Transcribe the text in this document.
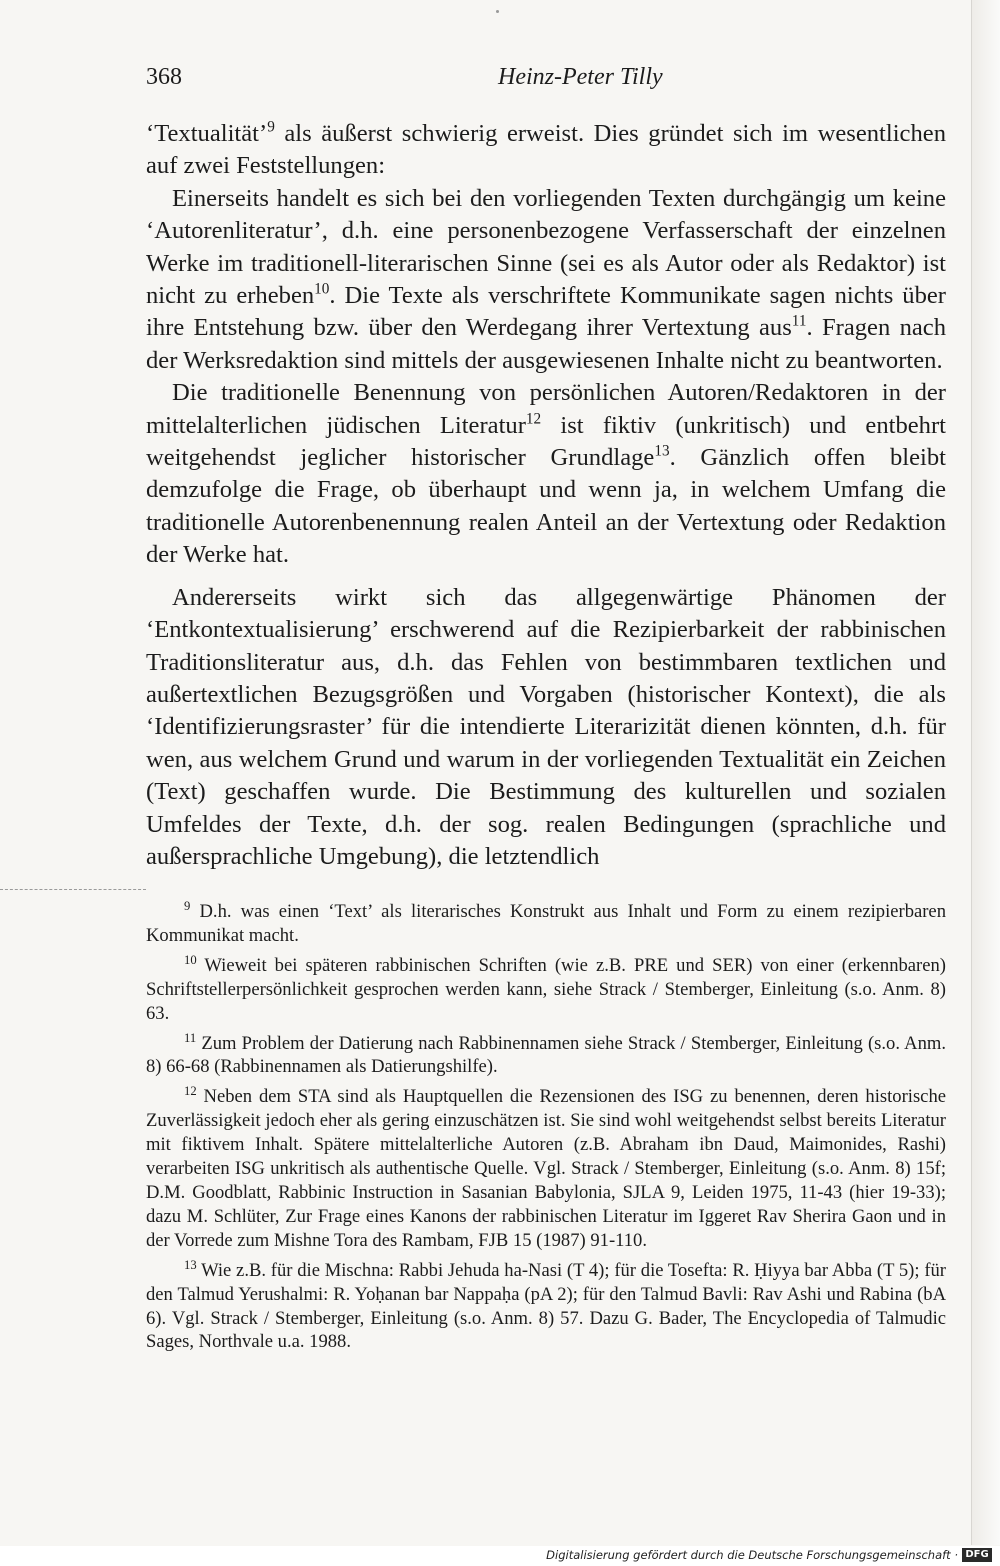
368	Heinz-Peter Tilly

‘Textualität’$^9$ als äußerst schwierig erweist. Dies gründet sich im wesentlichen auf zwei Feststellungen:

Einerseits handelt es sich bei den vorliegenden Texten durchgängig um keine ‘Autorenliteratur’, d.h. eine personenbezogene Verfasserschaft der einzelnen Werke im traditionell-literarischen Sinne (sei es als Autor oder als Redaktor) ist nicht zu erheben$^{10}$. Die Texte als verschriftete Kommunikate sagen nichts über ihre Entstehung bzw. über den Werdegang ihrer Vertextung aus$^{11}$. Fragen nach der Werksredaktion sind mittels der ausgewiesenen Inhalte nicht zu beantworten.

Die traditionelle Benennung von persönlichen Autoren/Redaktoren in der mittelalterlichen jüdischen Literatur$^{12}$ ist fiktiv (unkritisch) und entbehrt weitgehendst jeglicher historischer Grundlage$^{13}$. Gänzlich offen bleibt demzufolge die Frage, ob überhaupt und wenn ja, in welchem Umfang die traditionelle Autorenbenennung realen Anteil an der Vertextung oder Redaktion der Werke hat.

Andererseits wirkt sich das allgegenwärtige Phänomen der ‘Entkontextualisierung’ erschwerend auf die Rezipierbarkeit der rabbinischen Traditionsliteratur aus, d.h. das Fehlen von bestimmbaren textlichen und außertextlichen Bezugsgrößen und Vorgaben (historischer Kontext), die als ‘Identifizierungsraster’ für die intendierte Literarizität dienen könnten, d.h. für wen, aus welchem Grund und warum in der vorliegenden Textualität ein Zeichen (Text) geschaffen wurde. Die Bestimmung des kulturellen und sozialen Umfeldes der Texte, d.h. der sog. realen Bedingungen (sprachliche und außersprachliche Umgebung), die letztendlich

$^9$ D.h. was einen ‘Text’ als literarisches Konstrukt aus Inhalt und Form zu einem rezipierbaren Kommunikat macht.

$^{10}$ Wieweit bei späteren rabbinischen Schriften (wie z.B. PRE und SER) von einer (erkennbaren) Schriftstellerpersönlichkeit gesprochen werden kann, siehe Strack / Stemberger, Einleitung (s.o. Anm. 8) 63.

$^{11}$ Zum Problem der Datierung nach Rabbinennamen siehe Strack / Stemberger, Einleitung (s.o. Anm. 8) 66-68 (Rabbinennamen als Datierungshilfe).

$^{12}$ Neben dem STA sind als Hauptquellen die Rezensionen des ISG zu benennen, deren historische Zuverlässigkeit jedoch eher als gering einzuschätzen ist. Sie sind wohl weitgehendst selbst bereits Literatur mit fiktivem Inhalt. Spätere mittelalterliche Autoren (z.B. Abraham ibn Daud, Maimonides, Rashi) verarbeiten ISG unkritisch als authentische Quelle. Vgl. Strack / Stemberger, Einleitung (s.o. Anm. 8) 15f; D.M. Goodblatt, Rabbinic Instruction in Sasanian Babylonia, SJLA 9, Leiden 1975, 11-43 (hier 19-33); dazu M. Schlüter, Zur Frage eines Kanons der rabbinischen Literatur im Iggeret Rav Sherira Gaon und in der Vorrede zum Mishne Tora des Rambam, FJB 15 (1987) 91-110.

$^{13}$ Wie z.B. für die Mischna: Rabbi Jehuda ha-Nasi (T 4); für die Tosefta: R. Ḥiyya bar Abba (T 5); für den Talmud Yerushalmi: R. Yoḥanan bar Nappaḥa (pA 2); für den Talmud Bavli: Rav Ashi und Rabina (bA 6). Vgl. Strack / Stemberger, Einleitung (s.o. Anm. 8) 57. Dazu G. Bader, The Encyclopedia of Talmudic Sages, Northvale u.a. 1988.

Digitalisierung gefördert durch die Deutsche Forschungsgemeinschaft · DFG
